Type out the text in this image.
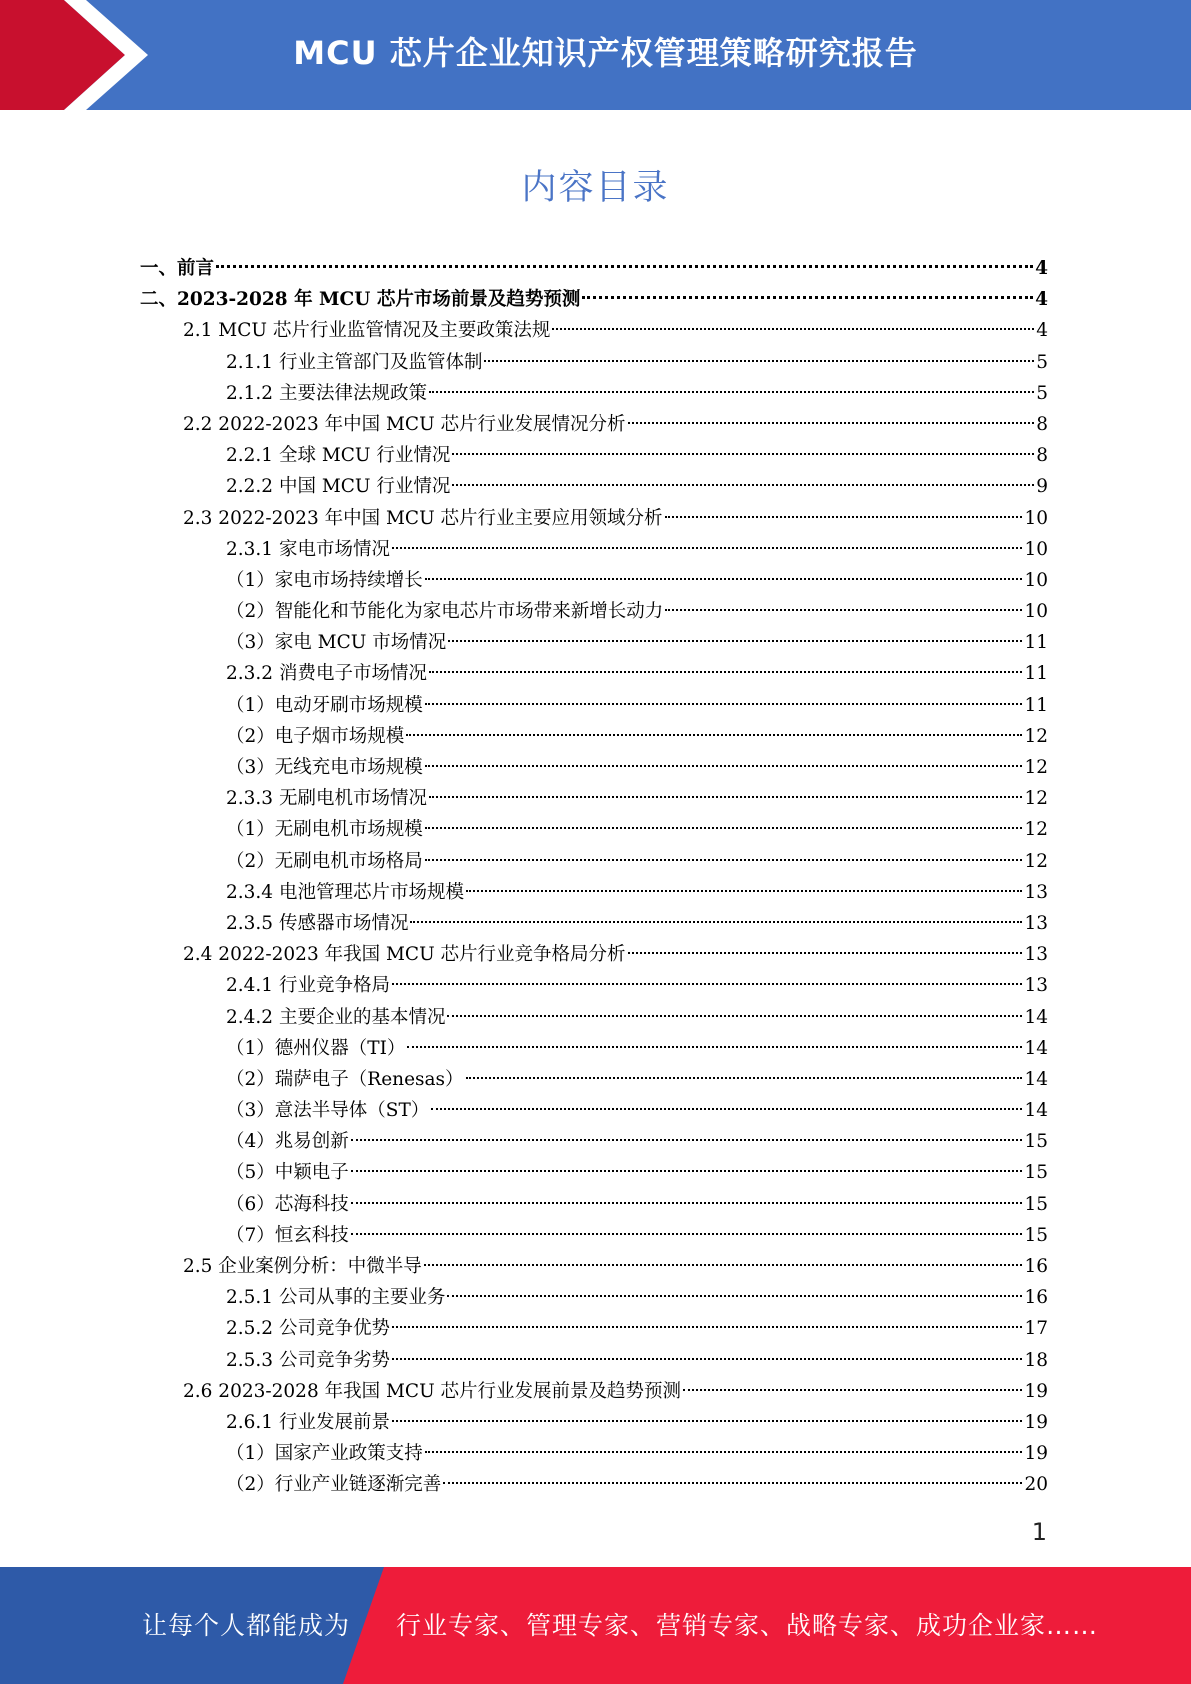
MCU 芯片企业知识产权管理策略研究报告
内容目录
一、前言	4
二、2023-2028 年 MCU 芯片市场前景及趋势预测	4
2.1 MCU 芯片行业监管情况及主要政策法规	4
2.1.1 行业主管部门及监管体制	5
2.1.2 主要法律法规政策	5
2.2 2022-2023 年中国 MCU 芯片行业发展情况分析	8
2.2.1 全球 MCU 行业情况	8
2.2.2 中国 MCU 行业情况	9
2.3 2022-2023 年中国 MCU 芯片行业主要应用领域分析	10
2.3.1 家电市场情况	10
（1）家电市场持续增长	10
（2）智能化和节能化为家电芯片市场带来新增长动力	10
（3）家电 MCU 市场情况	11
2.3.2 消费电子市场情况	11
（1）电动牙刷市场规模	11
（2）电子烟市场规模	12
（3）无线充电市场规模	12
2.3.3 无刷电机市场情况	12
（1）无刷电机市场规模	12
（2）无刷电机市场格局	12
2.3.4 电池管理芯片市场规模	13
2.3.5 传感器市场情况	13
2.4 2022-2023 年我国 MCU 芯片行业竞争格局分析	13
2.4.1 行业竞争格局	13
2.4.2 主要企业的基本情况	14
（1）德州仪器（TI）	14
（2）瑞萨电子（Renesas）	14
（3）意法半导体（ST）	14
（4）兆易创新	15
（5）中颖电子	15
（6）芯海科技	15
（7）恒玄科技	15
2.5 企业案例分析：中微半导	16
2.5.1 公司从事的主要业务	16
2.5.2 公司竞争优势	17
2.5.3 公司竞争劣势	18
2.6 2023-2028 年我国 MCU 芯片行业发展前景及趋势预测	19
2.6.1 行业发展前景	19
（1）国家产业政策支持	19
（2）行业产业链逐渐完善	20
1
让每个人都能成为 行业专家、管理专家、营销专家、战略专家、成功企业家……
